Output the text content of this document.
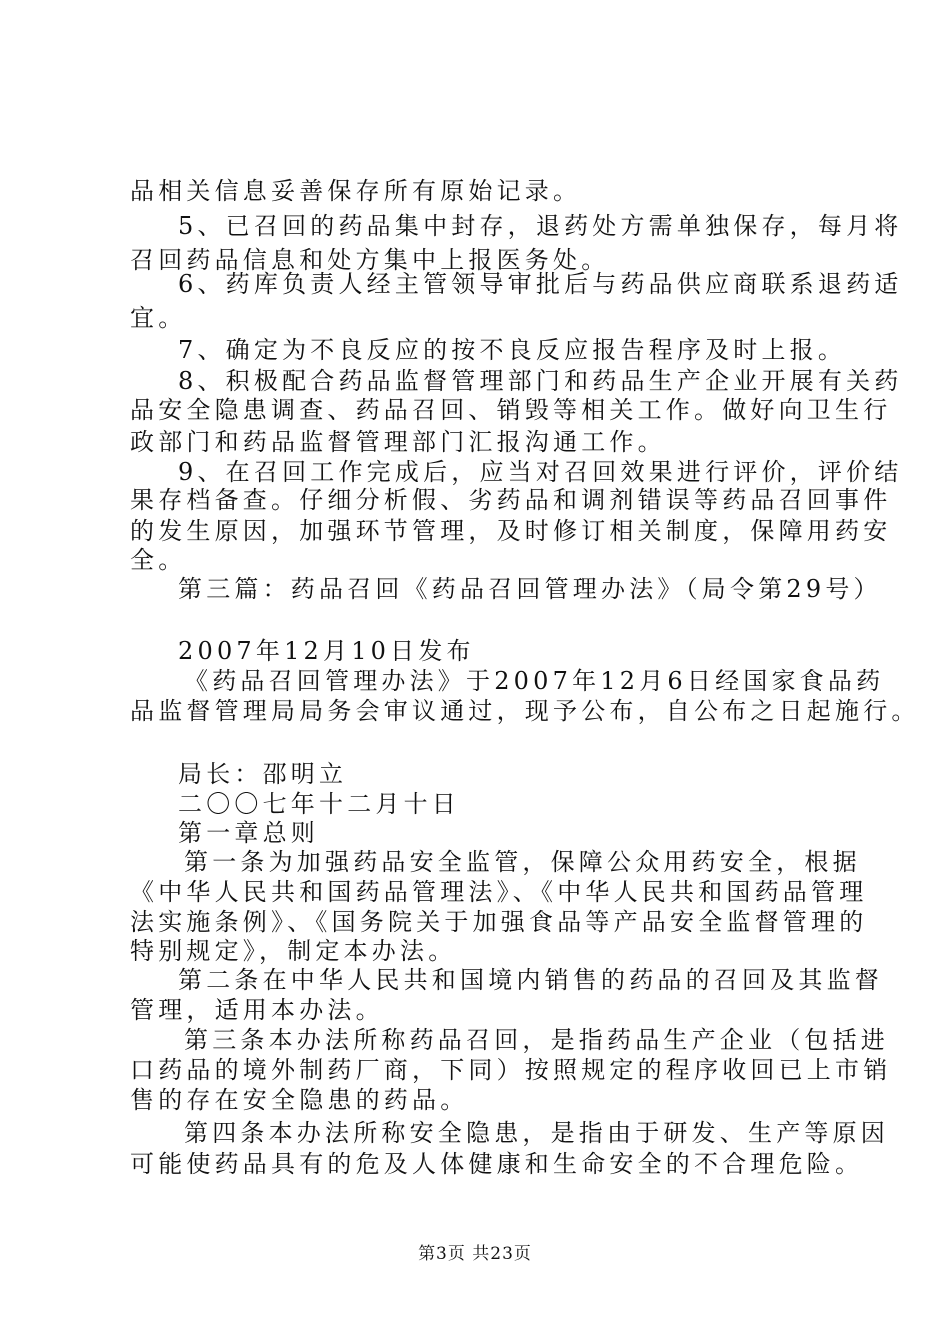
品相关信息妥善保存所有原始记录。
5、已召回的药品集中封存，退药处方需单独保存，每月将
召回药品信息和处方集中上报医务处。
6、药库负责人经主管领导审批后与药品供应商联系退药适
宜。
7、确定为不良反应的按不良反应报告程序及时上报。
8、积极配合药品监督管理部门和药品生产企业开展有关药
品安全隐患调查、药品召回、销毁等相关工作。做好向卫生行
政部门和药品监督管理部门汇报沟通工作。
9、在召回工作完成后，应当对召回效果进行评价，评价结
果存档备查。仔细分析假、劣药品和调剂错误等药品召回事件
的发生原因，加强环节管理，及时修订相关制度，保障用药安
全。
第三篇：药品召回《药品召回管理办法》（局令第29号）
2007年12月10日发布
《药品召回管理办法》于2007年12月6日经国家食品药
品监督管理局局务会审议通过，现予公布，自公布之日起施行。
局长：邵明立
二〇〇七年十二月十日
第一章总则
第一条为加强药品安全监管，保障公众用药安全，根据
《中华人民共和国药品管理法》、《中华人民共和国药品管理
法实施条例》、《国务院关于加强食品等产品安全监督管理的
特别规定》，制定本办法。
第二条在中华人民共和国境内销售的药品的召回及其监督
管理，适用本办法。
第三条本办法所称药品召回，是指药品生产企业（包括进
口药品的境外制药厂商，下同）按照规定的程序收回已上市销
售的存在安全隐患的药品。
第四条本办法所称安全隐患，是指由于研发、生产等原因
可能使药品具有的危及人体健康和生命安全的不合理危险。
第3页 共23页
